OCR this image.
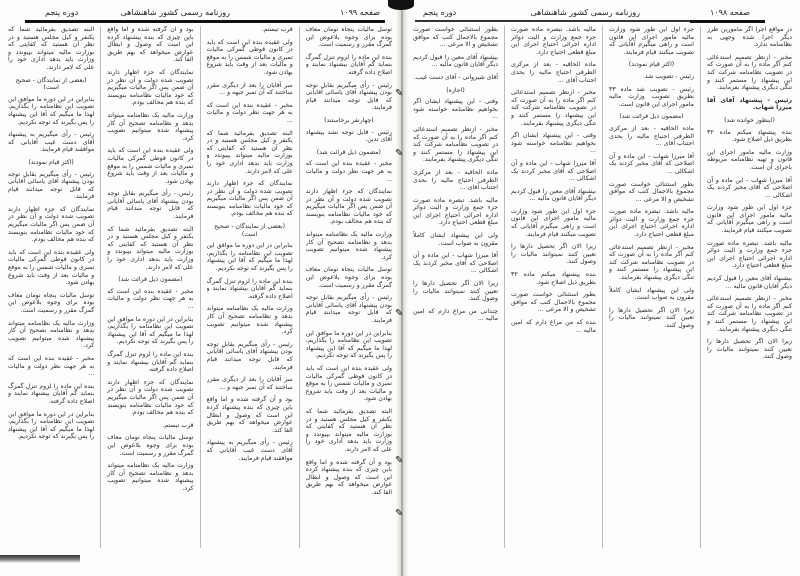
صفحه ۱۰۹۹
روزنامه رسمی کشور شاهنشاهی
دوره پنجم

توسل مالیات پنجاه تومان معاف بوده برای وجوه بلاعوض این گمرگ مقرر و رسمیت است.

بنده این ماده را لزوم تنزل گمرگ بنماید گم آقایان بیشنهاد نمایند و اصلاح داده گرفته.

رئیس - رأی میگیریم بقابل توجه بودن پیشنهاد آقای یاسائی آقایانی که قابل توجه میدانند قیام فرمایند.

(چهارنفر برخاستند)

رئیس - قابل توجه نشد پیشنهاد آقای تدین.

(مضمون ذیل قرائت شد)

مخبر - عقیده بنده این است که به هر جهت نظر دولت و مالیات ...

نمایندگان که جزء اظهار دارند تصویب شده دولت و آن نظر در آن ضمن پس اگر مالیات میگیریم که خود مالیات نظامنامه بنویسند که بنده هم مخالف بودم.

وزارت مالیه یک نظامنامه میتواند بدهد و نظامنامه تصحیح آن کار پیشنهاد شده میتوانیم تصویب کرد.

توسل مالیات پنجاه تومان معاف بوده برای وجوه بلاعوض این گمرگ مقرر و رسمیت است.

رئیس - رأی میگیریم بقابل توجه بودن پیشنهاد آقای یاسائی آقایانی که قابل توجه میدانند قیام فرمایند.

بنابراین در این دوره ما موافق این تصویب این نظامنامه را بگذاریم، لهذا ما میگیم که آقا این پیشنهاد را پس بگیرند که توجه نکردیم.

ولی عقیده بنده این است که باید در کانون قوطی گمرکی مالیات تمبری و مالیات شمس را به موقع و مالیات بعد از وقت باید شروع بهادن شود.

البته تصدیق بفرمائید شما که یکنفر و کیل مجلس هستید و در نظر آن هستید که کفایتی که بوزارت مالیه میتواند بپیوندد و وزارت باید بدهد اداری خود را علی که لامر دارند.

بود و آن گرفته شده و اما واقع باین چیزی که بنده پیشنهاد کرده این است که وصول و ابطال عوارض میخواهد که بهم طریق الفا کند.

قرب تیستم.

ولی عقیده بنده این است که باید در کانون قوطی گمرکی مالیات تمبری و مالیات شمس را به موقع و مالیات بعد از وقت باید شروع بهادن شود.

سر آقایان را بعد از دیگری مقرر ساختند که آن تمبر جبهه و ...

مخبر - عقیده بنده این است که به هر جهت نظر دولت و مالیات ...

البته تصدیق بفرمائید شما که یکنفر و کیل مجلس هستید و در نظر آن هستید که کفایتی که بوزارت مالیه میتواند بپیوندد و وزارت باید بدهد اداری خود را علی که لامر دارند.

نمایندگان که جزء اظهار دارند تصویب شده دولت و آن نظر در آن ضمن پس اگر مالیات میگیریم که خود مالیات نظامنامه بنویسند که بنده هم مخالف بودم.

(بعضی از نمایندگان - صحیح است)

بنابراین در این دوره ما موافق این تصویب این نظامنامه را بگذاریم، لهذا ما میگیم که آقا این پیشنهاد را پس بگیرند که توجه نکردیم.

بنده این ماده را لزوم تنزل گمرگ بنماید گم آقایان بیشنهاد نمایند و اصلاح داده گرفته.

وزارت مالیه یک نظامنامه میتواند بدهد و نظامنامه تصحیح آن کار پیشنهاد شده میتوانیم تصویب کرد.

رئیس - رأی میگیریم بقابل توجه بودن پیشنهاد آقای یاسائی آقایانی که قابل توجه میدانند قیام فرمایند.

سر آقایان را بعد از دیگری مقرر ساختند که آن تمبر جبهه و ...

بود و آن گرفته شده و اما واقع باین چیزی که بنده پیشنهاد کرده این است که وصول و ابطال عوارض میخواهد که بهم طریق الفا کند.

رئیس - رأی میگیریم به پیشنهاد آقای دست غیب آقایانی که موافقند قیام فرمایند.

بود و آن گرفته شده و اما واقع باین چیزی که بنده پیشنهاد کرده این است که وصول و ابطال عوارض میخواهد که بهم طریق الفا کند.

نمایندگان که جزء اظهار دارند تصویب شده دولت و آن نظر در آن ضمن پس اگر مالیات میگیریم که خود مالیات نظامنامه بنویسند که بنده هم مخالف بودم.

وزارت مالیه یک نظامنامه میتواند بدهد و نظامنامه تصحیح آن کار پیشنهاد شده میتوانیم تصویب کرد.

ولی عقیده بنده این است که باید در کانون قوطی گمرکی مالیات تمبری و مالیات شمس را به موقع و مالیات بعد از وقت باید شروع بهادن شود.

رئیس - رأی میگیریم بقابل توجه بودن پیشنهاد آقای یاسائی آقایانی که قابل توجه میدانند قیام فرمایند.

البته تصدیق بفرمائید شما که یکنفر و کیل مجلس هستید و در نظر آن هستید که کفایتی که بوزارت مالیه میتواند بپیوندد و وزارت باید بدهد اداری خود را علی که لامر دارند.

(مضمون ذیل قرائت شد)

مخبر - عقیده بنده این است که به هر جهت نظر دولت و مالیات ...

بنابراین در این دوره ما موافق این تصویب این نظامنامه را بگذاریم، لهذا ما میگیم که آقا این پیشنهاد را پس بگیرند که توجه نکردیم.

بنده این ماده را لزوم تنزل گمرگ بنماید گم آقایان بیشنهاد نمایند و اصلاح داده گرفته.

نمایندگان که جزء اظهار دارند تصویب شده دولت و آن نظر در آن ضمن پس اگر مالیات میگیریم که خود مالیات نظامنامه بنویسند که بنده هم مخالف بودم.

قرب تیستم.

توسل مالیات پنجاه تومان معاف بوده برای وجوه بلاعوض این گمرگ مقرر و رسمیت است.

وزارت مالیه یک نظامنامه میتواند بدهد و نظامنامه تصحیح آن کار پیشنهاد شده میتوانیم تصویب کرد.

البته تصدیق بفرمائید شما که یکنفر و کیل مجلس هستید و در نظر آن هستید که کفایتی که بوزارت مالیه میتواند بپیوندد و وزارت باید بدهد اداری خود را علی که لامر دارند.

(بعضی از نمایندگان - صحیح است)

بنابراین در این دوره ما موافق این تصویب این نظامنامه را بگذاریم، لهذا ما میگیم که آقا این پیشنهاد را پس بگیرند که توجه نکردیم.

رئیس - رأی میگیریم به پیشنهاد آقای دست غیب آقایانی که موافقند قیام فرمایند.

(اکثر قیام نمودند)

رئیس - رأی میگیریم بقابل توجه بودن پیشنهاد آقای یاسائی آقایانی که قابل توجه میدانند قیام فرمایند.

نمایندگان که جزء اظهار دارند تصویب شده دولت و آن نظر در آن ضمن پس اگر مالیات میگیریم که خود مالیات نظامنامه بنویسند که بنده هم مخالف بودم.

ولی عقیده بنده این است که باید در کانون قوطی گمرکی مالیات تمبری و مالیات شمس را به موقع و مالیات بعد از وقت باید شروع بهادن شود.

توسل مالیات پنجاه تومان معاف بوده برای وجوه بلاعوض این گمرگ مقرر و رسمیت است.

وزارت مالیه یک نظامنامه میتواند بدهد و نظامنامه تصحیح آن کار پیشنهاد شده میتوانیم تصویب کرد.

مخبر - عقیده بنده این است که به هر جهت نظر دولت و مالیات ...

بنده این ماده را لزوم تنزل گمرگ بنماید گم آقایان بیشنهاد نمایند و اصلاح داده گرفته.

بنابراین در این دوره ما موافق این تصویب این نظامنامه را بگذاریم، لهذا ما میگیم که آقا این پیشنهاد را پس بگیرند که توجه نکردیم.

صفحه ۱۰۹۸
روزنامه رسمی کشور شاهنشاهی
دوره پنجم

در مواقع اجرا اگر مامورین طرز دیگر اجرا شده وجهی به نظامنامه ندارد.

مخبر - ازنظر تصمیم استدعائی کنم اگر ماده را به آن صورت که در تصویب نظامنامه شرکت کند این پیشنهاد را مستمر کنند و تنگی دیگری پیشنهاد بفرمایند.

رئیس - پیشنهاد آقای آقا میرزا شهاب.

(اینطور خوانده شد)

بنده پیشنهاد میکنم ماده ۳۲ بطریق ذیل اصلاح شود.

وزارت مالیه مامور اجرای این قانون و تهیه نظامنامه مربوطه باجرای آن است.

آقا میرزا شهاب - این ماده و آن اصلاحی که آقای مخبر کردند یک اشکالی ...

جزء اول این طور شود وزارت مالیه مامور اجرای این قانون است و راهی میگیرم آقایانی که تصویب میکنند قیام فرمایند.

مالیه باشد. تبصره ماده صورت جزء جمع وزارت و الیت دوائر اداره اجرائی احتیاج اجرای این مبلغ قطعی احتیاج دارد.

بیشنهاد آقای معین را قبول کردیم دیگر آقایان قانون مالیه ...

مخبر - ازنظر تصمیم استدعائی کنم اگر ماده را به آن صورت که در تصویب نظامنامه شرکت کند این پیشنهاد را مستمر کنند و تنگی دیگری پیشنهاد بفرمایند.

زیرا الان اگر تحصیل دارها را تعیین کنند نمیتوانند مالیات را وصول کنند.

جزء اول این طور شود وزارت مالیه مامور اجرای این قانون است و راهی میگیرم آقایانی که تصویب میکنند قیام فرمایند.

(اکثر قیام نمودند)

رئیس - تصویب شد.

رئیس - تصویب شد ماده ۳۳ بطریق تصویب وزارت مالیه مامور اجرای این قانون است.

(مضمون ذیل قرائت شد)

ماده الحاقیه - بعد از مرکزی الطرفی احتیاج مالیه را بحدی اجتناب آقای ...

آقا میرزا شهاب - این ماده و آن اصلاحی که آقای مخبر کردند یک اشکالی ...

بطور استثنائی خواست صورت مجموع بالاجمال کتب که موافق تشخیص و الا مرعی ...

مالیه باشد. تبصره ماده صورت جزء جمع وزارت و الیت دوائر اداره اجرائی احتیاج اجرای این مبلغ قطعی احتیاج دارد.

مخبر - ازنظر تصمیم استدعائی کنم اگر ماده را به آن صورت که در تصویب نظامنامه شرکت کند این پیشنهاد را مستمر کنند و تنگی دیگری پیشنهاد بفرمایند.

ولی این پیشنهاد ایشان کاملاً مقرون به صواب است.

زیرا الان اگر تحصیل دارها را تعیین کنند نمیتوانند مالیات را وصول کنند.

مالیه باشد. تبصره ماده صورت جزء جمع وزارت و الیت دوائر اداره اجرائی احتیاج اجرای این مبلغ قطعی احتیاج دارد.

ماده الحاقیه - بعد از مرکزی الطرفی احتیاج مالیه را بحدی اجتناب آقای ...

مخبر - ازنظر تصمیم استدعائی کنم اگر ماده را به آن صورت که در تصویب نظامنامه شرکت کند این پیشنهاد را مستمر کنند و تنگی دیگری پیشنهاد بفرمایند.

وقتی - این پیشنهاد ایشان اگر بخواهیم نظامنامه خواسته شود ...

آقا میرزا شهاب - این ماده و آن اصلاحی که آقای مخبر کردند یک اشکالی ...

بیشنهاد آقای معین را قبول کردیم دیگر آقایان قانون مالیه ...

جزء اول این طور شود وزارت مالیه مامور اجرای این قانون است و راهی میگیرم آقایانی که تصویب میکنند قیام فرمایند.

زیرا الان اگر تحصیل دارها را تعیین کنند نمیتوانند مالیات را وصول کنند.

بنده پیشنهاد میکنم ماده ۳۲ بطریق ذیل اصلاح شود.

بطور استثنائی خواست صورت مجموع بالاجمال کتب که موافق تشخیص و الا مرعی ...

بنده که من مراغ دارم که امین مالیه ...

بطور استثنائی خواست صورت مجموع بالاجمال کتب که موافق تشخیص و الا مرعی ...

بیشنهاد آقای معین را قبول کردیم دیگر آقایان قانون مالیه ...

آقای شیروانی - آقای دست غیب.

(اجازه)

وقتی - این پیشنهاد ایشان اگر بخواهیم نظامنامه خواسته شود ...

مخبر - ازنظر تصمیم استدعائی کنم اگر ماده را به آن صورت که در تصویب نظامنامه شرکت کند این پیشنهاد را مستمر کنند و تنگی دیگری پیشنهاد بفرمایند.

ماده الحاقیه - بعد از مرکزی الطرفی احتیاج مالیه را بحدی اجتناب آقای ...

مالیه باشد. تبصره ماده صورت جزء جمع وزارت و الیت دوائر اداره اجرائی احتیاج اجرای این مبلغ قطعی احتیاج دارد.

ولی این پیشنهاد ایشان کاملاً مقرون به صواب است.

آقا میرزا شهاب - این ماده و آن اصلاحی که آقای مخبر کردند یک اشکالی ...

زیرا الان اگر تحصیل دارها را تعیین کنند نمیتوانند مالیات را وصول کنند.

چندانی من مراغ دارم که امین مالیه ...

✎
✎
✎
✎
✎
